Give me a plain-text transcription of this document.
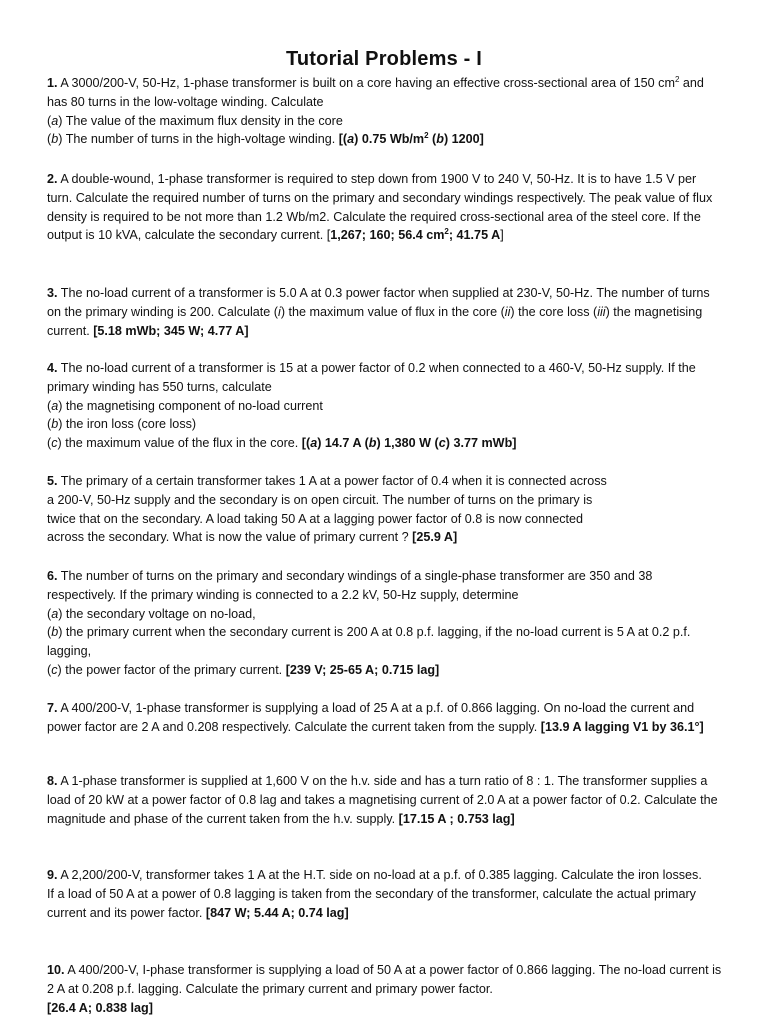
Tutorial Problems - I

1. A 3000/200-V, 50-Hz, 1-phase transformer is built on a core having an effective cross-sectional area of 150 $cm^2$ and has 80 turns in the low-voltage winding. Calculate

(a) The value of the maximum flux density in the core

(b) The number of turns in the high-voltage winding. [(a) 0.75 $Wb/m^2$ (b) 1200]

2. A double-wound, 1-phase transformer is required to step down from 1900 V to 240 V, 50-Hz. It is to have 1.5 V per turn. Calculate the required number of turns on the primary and secondary windings respectively. The peak value of flux density is required to be not more than 1.2 Wb/m2. Calculate the required cross-sectional area of the steel core. If the output is 10 kVA, calculate the secondary current. [1,267; 160; 56.4 $cm^2$; 41.75 A]

3. The no-load current of a transformer is 5.0 A at 0.3 power factor when supplied at 230-V, 50-Hz. The number of turns on the primary winding is 200. Calculate (i) the maximum value of flux in the core (ii) the core loss (iii) the magnetising current. [5.18 mWb; 345 W; 4.77 A]

4. The no-load current of a transformer is 15 at a power factor of 0.2 when connected to a 460-V, 50-Hz supply. If the primary winding has 550 turns, calculate

(a) the magnetising component of no-load current

(b) the iron loss (core loss)

(c) the maximum value of the flux in the core. [(a) 14.7 A (b) 1,380 W (c) 3.77 mWb]

5. The primary of a certain transformer takes 1 A at a power factor of 0.4 when it is connected across

a 200-V, 50-Hz supply and the secondary is on open circuit. The number of turns on the primary is

twice that on the secondary. A load taking 50 A at a lagging power factor of 0.8 is now connected

across the secondary. What is now the value of primary current ? [25.9 A]

6. The number of turns on the primary and secondary windings of a single-phase transformer are 350 and 38 respectively. If the primary winding is connected to a 2.2 kV, 50-Hz supply, determine

(a) the secondary voltage on no-load,

(b) the primary current when the secondary current is 200 A at 0.8 p.f. lagging, if the no-load current is 5 A at 0.2 p.f. lagging,

(c) the power factor of the primary current. [239 V; 25-65 A; 0.715 lag]

7. A 400/200-V, 1-phase transformer is supplying a load of 25 A at a p.f. of 0.866 lagging. On no-load the current and power factor are 2 A and 0.208 respectively. Calculate the current taken from the supply. [13.9 A lagging V1 by 36.1°]

8. A 1-phase transformer is supplied at 1,600 V on the h.v. side and has a turn ratio of 8 : 1. The transformer supplies a load of 20 kW at a power factor of 0.8 lag and takes a magnetising current of 2.0 A at a power factor of 0.2. Calculate the magnitude and phase of the current taken from the h.v. supply. [17.15 A ; 0.753 lag]

9. A 2,200/200-V, transformer takes 1 A at the H.T. side on no-load at a p.f. of 0.385 lagging. Calculate the iron losses.

If a load of 50 A at a power of 0.8 lagging is taken from the secondary of the transformer, calculate the actual primary current and its power factor. [847 W; 5.44 A; 0.74 lag]

10. A 400/200-V, I-phase transformer is supplying a load of 50 A at a power factor of 0.866 lagging. The no-load current is 2 A at 0.208 p.f. lagging. Calculate the primary current and primary power factor.

[26.4 A; 0.838 lag]
